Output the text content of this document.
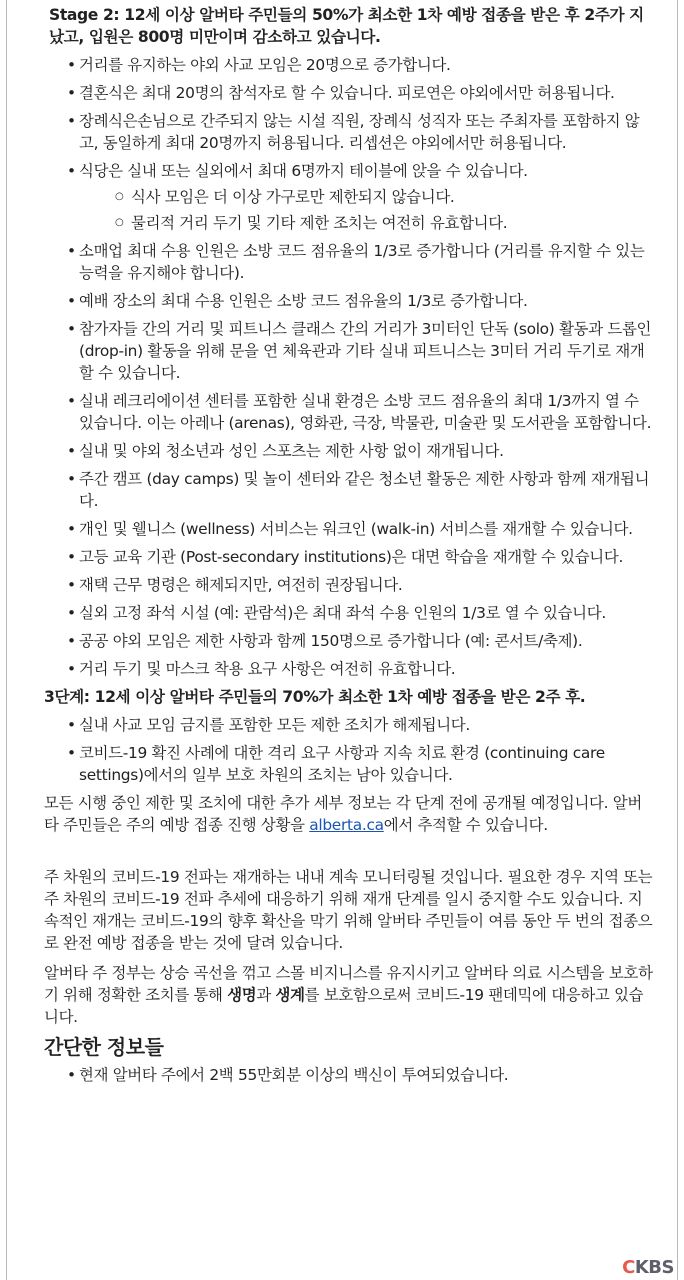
Stage 2: 12세 이상 알버타 주민들의 50%가 최소한 1차 예방 접종을 받은 후 2주가 지났고, 입원은 800명 미만이며 감소하고 있습니다.
• 거리를 유지하는 야외 사교 모임은 20명으로 증가합니다.
• 결혼식은 최대 20명의 참석자로 할 수 있습니다. 피로연은 야외에서만 허용됩니다.
• 장례식은손님으로 간주되지 않는 시설 직원, 장례식 성직자 또는 주최자를 포함하지 않고, 동일하게 최대 20명까지 허용됩니다. 리셉션은 야외에서만 허용됩니다.
• 식당은 실내 또는 실외에서 최대 6명까지 테이블에 앉을 수 있습니다.
○ 식사 모임은 더 이상 가구로만 제한되지 않습니다.
○ 물리적 거리 두기 및 기타 제한 조치는 여전히 유효합니다.
• 소매업 최대 수용 인원은 소방 코드 점유율의 1/3로 증가합니다 (거리를 유지할 수 있는 능력을 유지해야 합니다).
• 예배 장소의 최대 수용 인원은 소방 코드 점유율의 1/3로 증가합니다.
• 참가자들 간의 거리 및 피트니스 클래스 간의 거리가 3미터인 단독 (solo) 활동과 드롭인 (drop-in) 활동을 위해 문을 연 체육관과 기타 실내 피트니스는 3미터 거리 두기로 재개할 수 있습니다.
• 실내 레크리에이션 센터를 포함한 실내 환경은 소방 코드 점유율의 최대 1/3까지 열 수 있습니다. 이는 아레나 (arenas), 영화관, 극장, 박물관, 미술관 및 도서관을 포함합니다.
• 실내 및 야외 청소년과 성인 스포츠는 제한 사항 없이 재개됩니다.
• 주간 캠프 (day camps) 및 놀이 센터와 같은 청소년 활동은 제한 사항과 함께 재개됩니다.
• 개인 및 웰니스 (wellness) 서비스는 워크인 (walk-in) 서비스를 재개할 수 있습니다.
• 고등 교육 기관 (Post-secondary institutions)은 대면 학습을 재개할 수 있습니다.
• 재택 근무 명령은 해제되지만, 여전히 권장됩니다.
• 실외 고정 좌석 시설 (예: 관람석)은 최대 좌석 수용 인원의 1/3로 열 수 있습니다.
• 공공 야외 모임은 제한 사항과 함께 150명으로 증가합니다 (예: 콘서트/축제).
• 거리 두기 및 마스크 착용 요구 사항은 여전히 유효합니다.
3단계: 12세 이상 알버타 주민들의 70%가 최소한 1차 예방 접종을 받은 2주 후.
• 실내 사교 모임 금지를 포함한 모든 제한 조치가 해제됩니다.
• 코비드-19 확진 사례에 대한 격리 요구 사항과 지속 치료 환경 (continuing care settings)에서의 일부 보호 차원의 조치는 남아 있습니다.
모든 시행 중인 제한 및 조치에 대한 추가 세부 정보는 각 단계 전에 공개될 예정입니다. 알버타 주민들은 주의 예방 접종 진행 상황을 alberta.ca에서 추적할 수 있습니다.
주 차원의 코비드-19 전파는 재개하는 내내 계속 모니터링될 것입니다. 필요한 경우 지역 또는 주 차원의 코비드-19 전파 추세에 대응하기 위해 재개 단계를 일시 중지할 수도 있습니다. 지속적인 재개는 코비드-19의 향후 확산을 막기 위해 알버타 주민들이 여름 동안 두 번의 접종으로 완전 예방 접종을 받는 것에 달려 있습니다.
알버타 주 정부는 상승 곡선을 꺾고 스몰 비지니스를 유지시키고 알버타 의료 시스템을 보호하기 위해 정확한 조치를 통해 생명과 생계를 보호함으로써 코비드-19 팬데믹에 대응하고 있습니다.
간단한 정보들
• 현재 알버타 주에서 2백 55만회분 이상의 백신이 투여되었습니다.
CKBS
